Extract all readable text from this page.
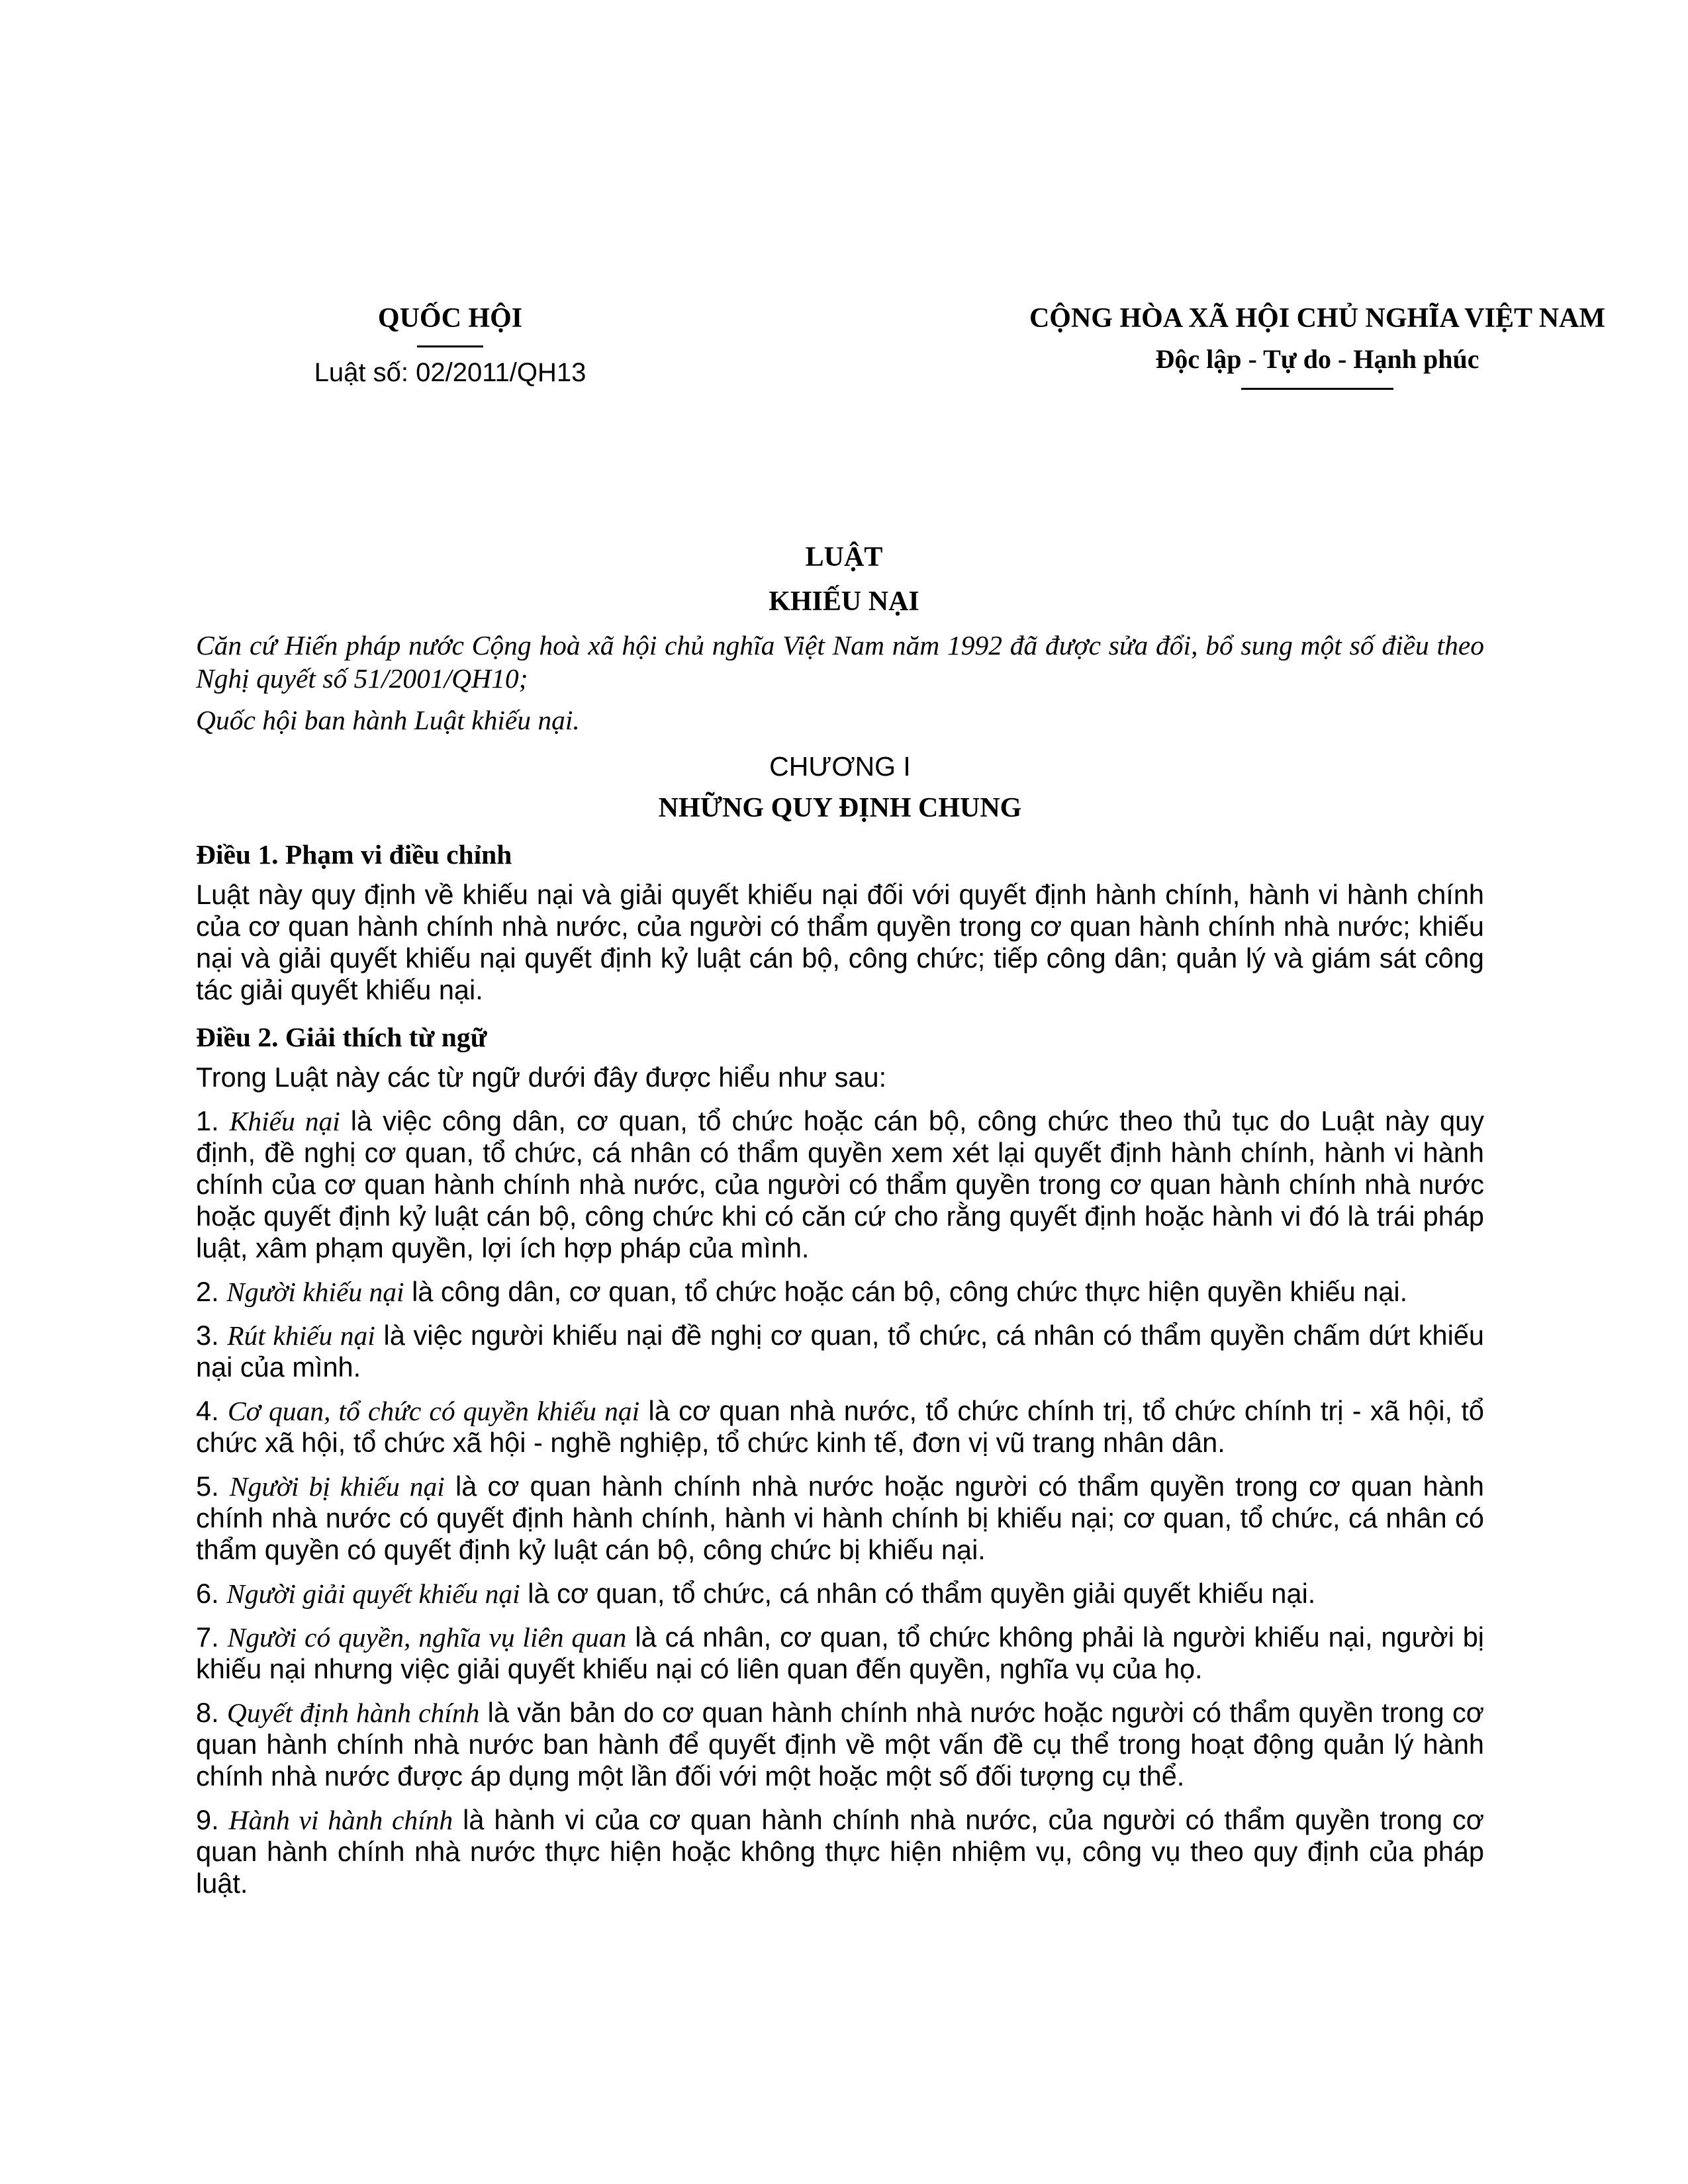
QUỐC HỘI
Luật số: 02/2011/QH13
CỘNG HÒA XÃ HỘI CHỦ NGHĨA VIỆT NAM
Độc lập - Tự do - Hạnh phúc
LUẬT
KHIẾU NẠI

Căn cứ Hiến pháp nước Cộng hoà xã hội chủ nghĩa Việt Nam năm 1992 đã được sửa đổi, bổ sung một số điều theo Nghị quyết số 51/2001/QH10;

Quốc hội ban hành Luật khiếu nại.

CHƯƠNG I

NHỮNG QUY ĐỊNH CHUNG

Điều 1. Phạm vi điều chỉnh

Luật này quy định về khiếu nại và giải quyết khiếu nại đối với quyết định hành chính, hành vi hành chính của cơ quan hành chính nhà nước, của người có thẩm quyền trong cơ quan hành chính nhà nước; khiếu nại và giải quyết khiếu nại quyết định kỷ luật cán bộ, công chức; tiếp công dân; quản lý và giám sát công tác giải quyết khiếu nại.

Điều 2. Giải thích từ ngữ

Trong Luật này các từ ngữ dưới đây được hiểu như sau:

1. Khiếu nại là việc công dân, cơ quan, tổ chức hoặc cán bộ, công chức theo thủ tục do Luật này quy định, đề nghị cơ quan, tổ chức, cá nhân có thẩm quyền xem xét lại quyết định hành chính, hành vi hành chính của cơ quan hành chính nhà nước, của người có thẩm quyền trong cơ quan hành chính nhà nước hoặc quyết định kỷ luật cán bộ, công chức khi có căn cứ cho rằng quyết định hoặc hành vi đó là trái pháp luật, xâm phạm quyền, lợi ích hợp pháp của mình.

2. Người khiếu nại là công dân, cơ quan, tổ chức hoặc cán bộ, công chức thực hiện quyền khiếu nại.

3. Rút khiếu nại là việc người khiếu nại đề nghị cơ quan, tổ chức, cá nhân có thẩm quyền chấm dứt khiếu nại của mình.

4. Cơ quan, tổ chức có quyền khiếu nại là cơ quan nhà nước, tổ chức chính trị, tổ chức chính trị - xã hội, tổ chức xã hội, tổ chức xã hội - nghề nghiệp, tổ chức kinh tế, đơn vị vũ trang nhân dân.

5. Người bị khiếu nại là cơ quan hành chính nhà nước hoặc người có thẩm quyền trong cơ quan hành chính nhà nước có quyết định hành chính, hành vi hành chính bị khiếu nại; cơ quan, tổ chức, cá nhân có thẩm quyền có quyết định kỷ luật cán bộ, công chức bị khiếu nại.

6. Người giải quyết khiếu nại là cơ quan, tổ chức, cá nhân có thẩm quyền giải quyết khiếu nại.

7. Người có quyền, nghĩa vụ liên quan là cá nhân, cơ quan, tổ chức không phải là người khiếu nại, người bị khiếu nại nhưng việc giải quyết khiếu nại có liên quan đến quyền, nghĩa vụ của họ.

8. Quyết định hành chính là văn bản do cơ quan hành chính nhà nước hoặc người có thẩm quyền trong cơ quan hành chính nhà nước ban hành để quyết định về một vấn đề cụ thể trong hoạt động quản lý hành chính nhà nước được áp dụng một lần đối với một hoặc một số đối tượng cụ thể.

9. Hành vi hành chính là hành vi của cơ quan hành chính nhà nước, của người có thẩm quyền trong cơ quan hành chính nhà nước thực hiện hoặc không thực hiện nhiệm vụ, công vụ theo quy định của pháp luật.
